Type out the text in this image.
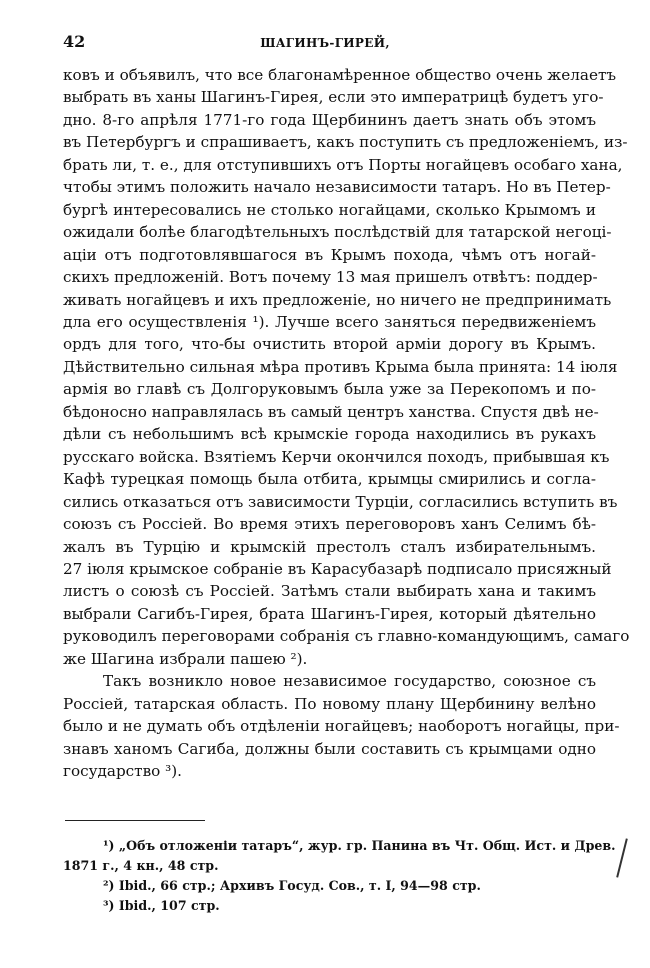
42	ШАГИНЪ-ГИРЕЙ,
ковъ и объявилъ, что все благонамѣренное общество очень желаетъ
выбрать въ ханы Шагинъ-Гирея, если это императрицѣ будетъ уго-
дно. 8-го апрѣля 1771-го года Щербининъ даетъ знать объ этомъ
въ Петербургъ и спрашиваетъ, какъ поступить съ предложеніемъ, из-
брать ли, т. е., для отступившихъ отъ Порты ногайцевъ особаго хана,
чтобы этимъ положить начало независимости татаръ. Но въ Петер-
бургѣ интересовались не столько ногайцами, сколько Крымомъ и
ожидали болѣе благодѣтельныхъ послѣдствій для татарской негоці-
аціи отъ подготовлявшагося въ Крымъ похода, чѣмъ отъ ногай-
скихъ предложеній. Вотъ почему 13 мая пришелъ отвѣтъ: поддер-
живать ногайцевъ и ихъ предложеніе, но ничего не предпринимать
дла его осуществленія ¹). Лучше всего заняться передвиженіемъ
ордъ для того, что-бы очистить второй арміи дорогу въ Крымъ.
Дѣйствительно сильная мѣра противъ Крыма была принята: 14 іюля
армія во главѣ съ Долгоруковымъ была уже за Перекопомъ и по-
бѣдоносно направлялась въ самый центръ ханства. Спустя двѣ не-
дѣли съ небольшимъ всѣ крымскіе города находились въ рукахъ
русскаго войска. Взятіемъ Керчи окончился походъ, прибывшая къ
Кафѣ турецкая помощь была отбита, крымцы смирились и согла-
сились отказаться отъ зависимости Турціи, согласились вступить въ
союзъ съ Россіей. Во время этихъ переговоровъ ханъ Селимъ бѣ-
жалъ въ Турцію и крымскій престолъ сталъ избирательнымъ.
27 іюля крымское собраніе въ Карасубазарѣ подписало присяжный
листъ о союзѣ съ Россіей. Затѣмъ стали выбирать хана и такимъ
выбрали Сагибъ-Гирея, брата Шагинъ-Гирея, который дѣятельно
руководилъ переговорами собранія съ главно-командующимъ, самаго
же Шагина избрали пашею ²).
Такъ возникло новое независимое государство, союзное съ
Россіей, татарская область. По новому плану Щербинину велѣно
было и не думать объ отдѣленіи ногайцевъ; наоборотъ ногайцы, при-
знавъ ханомъ Сагиба, должны были составить съ крымцами одно
государство ³).
¹) „Объ отложеніи татаръ“, жур. гр. Панина въ Чт. Общ. Ист. и Древ.
1871 г., 4 кн., 48 стр.
²) Ibid., 66 стр.; Архивъ Госуд. Сов., т. I, 94—98 стр.
³) Ibid., 107 стр.
